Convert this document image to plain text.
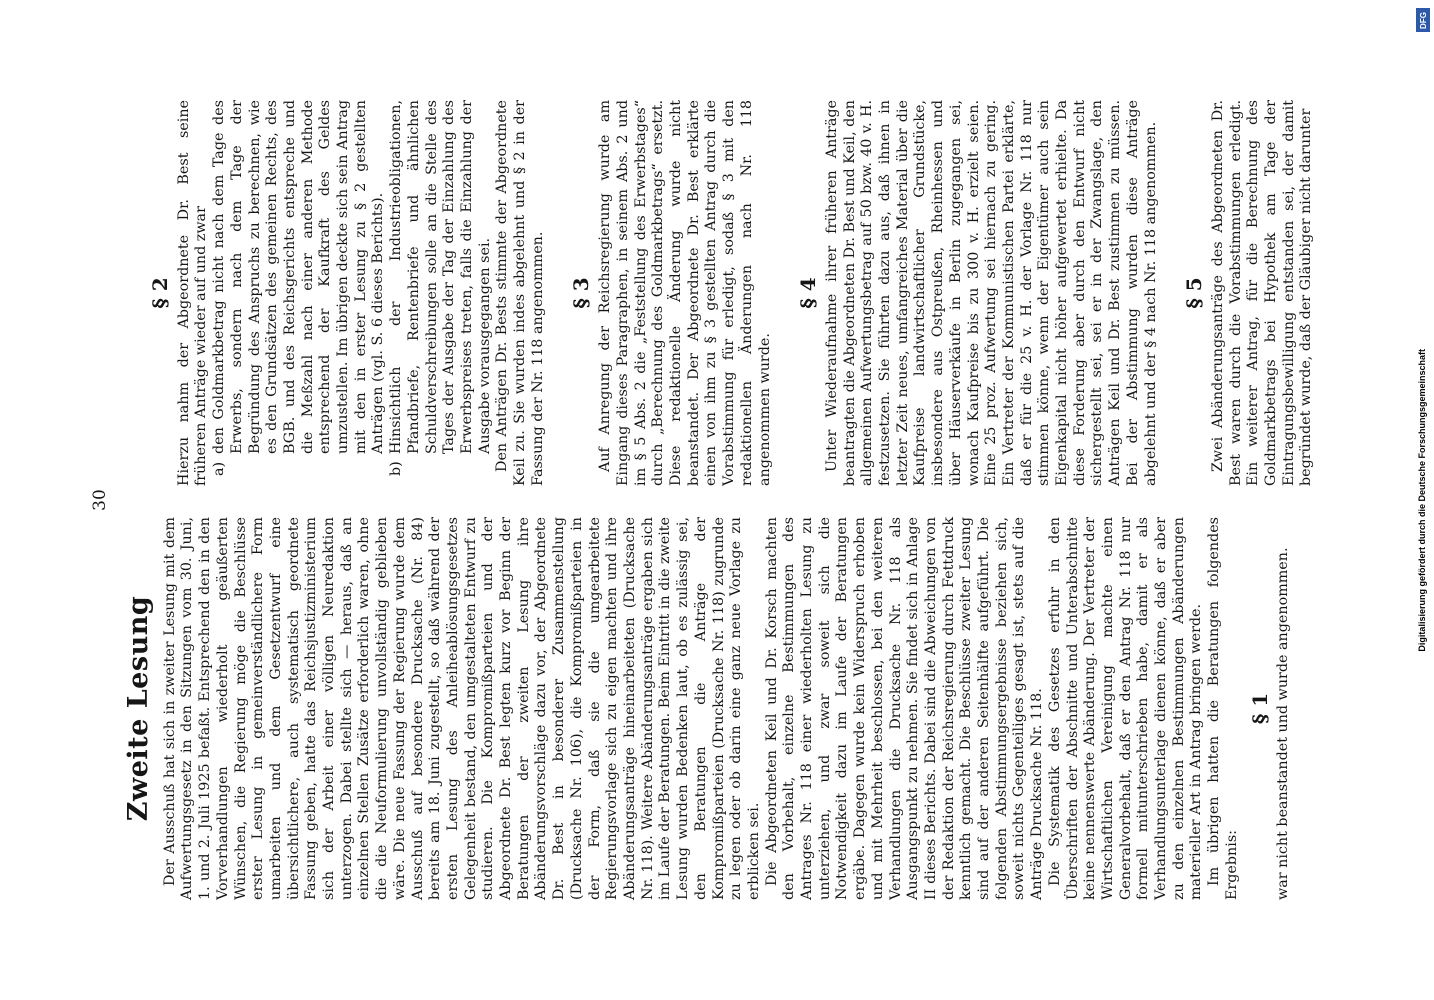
30
Zweite Lesung Der Ausschuß hat sich in zweiter Lesung mit dem Aufwertungsgesetz in den Sitzungen vom 30. Juni, 1. und 2. Juli 1925 befaßt. Entsprechend den in den Vorverhandlungen wiederholt geäußerten Wünschen, die Regierung möge die Beschlüsse erster Lesung in gemeinverständlichere Form umarbeiten und dem Gesetzentwurf eine übersichtlichere, auch systematisch geordnete Fassung geben, hatte das Reichsjustizministerium sich der Arbeit einer völligen Neuredaktion unterzogen. Dabei stellte sich — heraus, daß an einzelnen Stellen Zusätze erforderlich waren, ohne die die Neuformulierung unvollständig geblieben wäre. Die neue Fassung der Regierung wurde dem Ausschuß auf besondere Drucksache (Nr. 84) bereits am 18. Juni zugestellt, so daß während der ersten Lesung des Anleiheablösungsgesetzes Gelegenheit bestand, den umgestalteten Entwurf zu studieren. Die Kompromißparteien und der Abgeordnete Dr. Best legten kurz vor Beginn der Beratungen der zweiten Lesung ihre Abänderungsvorschläge dazu vor, der Abgeordnete Dr. Best in besonderer Zusammenstellung (Drucksache Nr. 106), die Kompromißparteien in der Form, daß sie die umgearbeitete Regierungsvorlage sich zu eigen machten und ihre Abänderungsanträge hineinarbeiteten (Drucksache Nr. 118). Weitere Abänderungsanträge ergaben sich im Laufe der Beratungen. Beim Eintritt in die zweite Lesung wurden Bedenken laut, ob es zulässig sei, den Beratungen die Anträge der Kompromißparteien (Drucksache Nr. 118) zugrunde zu legen oder ob darin eine ganz neue Vorlage zu erblicken sei. Die Abgeordneten Keil und Dr. Korsch machten den Vorbehalt, einzelne Bestimmungen des Antrages Nr. 118 einer wiederholten Lesung zu unterziehen, und zwar soweit sich die Notwendigkeit dazu im Laufe der Beratungen ergäbe. Dagegen wurde kein Widerspruch erhoben und mit Mehrheit beschlossen, bei den weiteren Verhandlungen die Drucksache Nr. 118 als Ausgangspunkt zu nehmen. Sie findet sich in Anlage II dieses Berichts. Dabei sind die Abweichungen von der Redaktion der Reichsregierung durch Fettdruck kenntlich gemacht. Die Beschlüsse zweiter Lesung sind auf der anderen Seitenhälfte aufgeführt. Die folgenden Abstimmungsergebnisse beziehen sich, soweit nichts Gegenteiliges gesagt ist, stets auf die Anträge Drucksache Nr. 118. Die Systematik des Gesetzes erfuhr in den Überschriften der Abschnitte und Unterabschnitte keine nennenswerte Abänderung. Der Vertreter der Wirtschaftlichen Vereinigung machte einen Generalvorbehalt, daß er den Antrag Nr. 118 nur formell mitunterschrieben habe, damit er als Verhandlungsunterlage dienen könne, daß er aber zu den einzelnen Bestimmungen Abänderungen materieller Art in Antrag bringen werde. Im übrigen hatten die Beratungen folgendes Ergebnis:

§ 1 war nicht beanstandet und wurde angenommen.

§ 2 Hierzu nahm der Abgeordnete Dr. Best seine früheren Anträge wieder auf und zwar a)
den Goldmarkbetrag nicht nach dem Tage des Erwerbs, sondern nach dem Tage der Begründung des Anspruchs zu berechnen, wie es den Grundsätzen des gemeinen Rechts, des BGB. und des Reichsgerichts entspreche und die Meßzahl nach einer anderen Methode entsprechend der Kaufkraft des Geldes umzustellen. Im übrigen deckte sich sein Antrag mit den in erster Lesung zu § 2 gestellten Anträgen (vgl. S. 6 dieses Berichts).

b)
Hinsichtlich der Industrieobligationen, Pfandbriefe, Rentenbriefe und ähnlichen Schuldverschreibungen solle an die Stelle des Tages der Ausgabe der Tag der Einzahlung des Erwerbspreises treten, falls die Einzahlung der Ausgabe vorausgegangen sei. Den Anträgen Dr. Bests stimmte der Abgeordnete Keil zu. Sie wurden indes abgelehnt und § 2 in der Fassung der Nr. 118 angenommen. § 3 Auf Anregung der Reichsregierung wurde am Eingang dieses Paragraphen, in seinem Abs. 2 und im § 5 Abs. 2 die „Feststellung des Erwerbstages“ durch „Berechnung des Goldmarkbetrags“ ersetzt. Diese redaktionelle Änderung wurde nicht beanstandet. Der Abgeordnete Dr. Best erklärte einen von ihm zu § 3 gestellten Antrag durch die Vorabstimmung für erledigt, sodaß § 3 mit den redaktionellen Änderungen nach Nr. 118 angenommen wurde.

§ 4 Unter Wiederaufnahme ihrer früheren Anträge beantragten die Abgeordneten Dr. Best und Keil, den allgemeinen Aufwertungsbetrag auf 50 bzw. 40 v. H. festzusetzen. Sie führten dazu aus, daß ihnen in letzter Zeit neues, umfangreiches Material über die Kaufpreise landwirtschaftlicher Grundstücke, insbesondere aus Ostpreußen, Rheinhessen und über Häuserverkäufe in Berlin zugegangen sei, wonach Kaufpreise bis zu 300 v. H. erzielt seien. Eine 25 proz. Aufwertung sei hiernach zu gering. Ein Vertreter der Kommunistischen Partei erklärte, daß er für die 25 v. H. der Vorlage Nr. 118 nur stimmen könne, wenn der Eigentümer auch sein Eigenkapital nicht höher aufgewertet erhielte. Da diese Forderung aber durch den Entwurf nicht sichergestellt sei, sei er in der Zwangslage, den Anträgen Keil und Dr. Best zustimmen zu müssen. Bei der Abstimmung wurden diese Anträge abgelehnt und der § 4 nach Nr. 118 angenommen. § 5 Zwei Abänderungsanträge des Abgeordneten Dr. Best waren durch die Vorabstimmungen erledigt. Ein weiterer Antrag, für die Berechnung des Goldmarkbetrags bei Hypothek am Tage der Eintragungsbewilligung entstanden sei, der damit begründet wurde, daß der Gläubiger nicht darunter

Digitalisierung gefördert durch die Deutsche Forschungsgemeinschaft
DFG
